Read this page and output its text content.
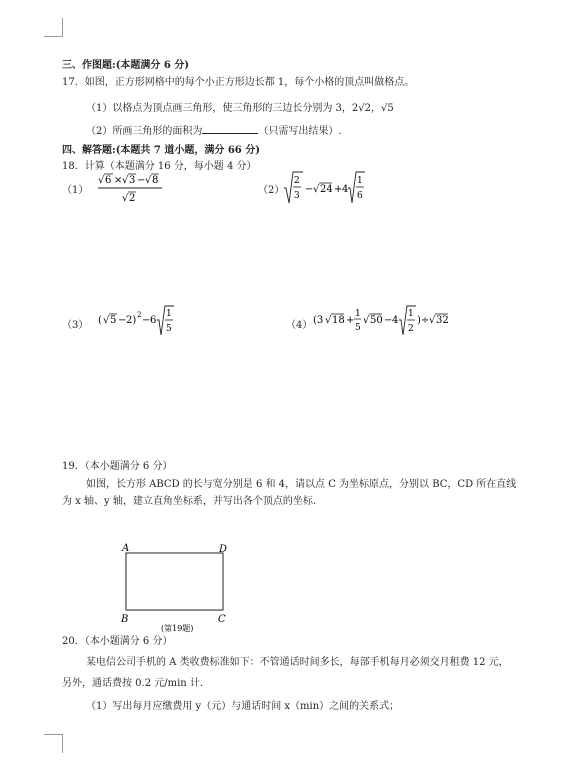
三、作图题:(本题满分 6 分)
17．如图，正方形网格中的每个小正方形边长都 1，每个小格的顶点叫做格点。
（1）以格点为顶点画三角形，使三角形的三边长分别为 3，2√2，√5
（2）所画三角形的面积为	（只需写出结果）.
四、解答题:(本题共 7 道小题，满分 66 分)
18．计算（本题满分 16 分，每小题 4 分）
（1）
√ 6 × √ 3 − √ 8
√ 2
（2）
2
3
− √ 24 + 4
1
6
（3） ( √ 5 − 2) 2 − 6
1
5	（4） (3 √ 18 +
1
5
√ 50 − 4
1
2
)÷ √ 32
19．（本小题满分 6 分）
如图，长方形 ABCD 的长与宽分别是 6 和 4，请以点 C 为坐标原点，分别以 BC，CD 所在直线
为 x 轴、y 轴，建立直角坐标系，并写出各个顶点的坐标.
A	D
B	C
(第19题)
20．（本小题满分 6 分）
某电信公司手机的 A 类收费标准如下：不管通话时间多长，每部手机每月必须交月租费 12 元，
另外，通话费按 0.2 元/min 计.
（1）写出每月应缴费用 y（元）与通话时间 x（min）之间的关系式；
